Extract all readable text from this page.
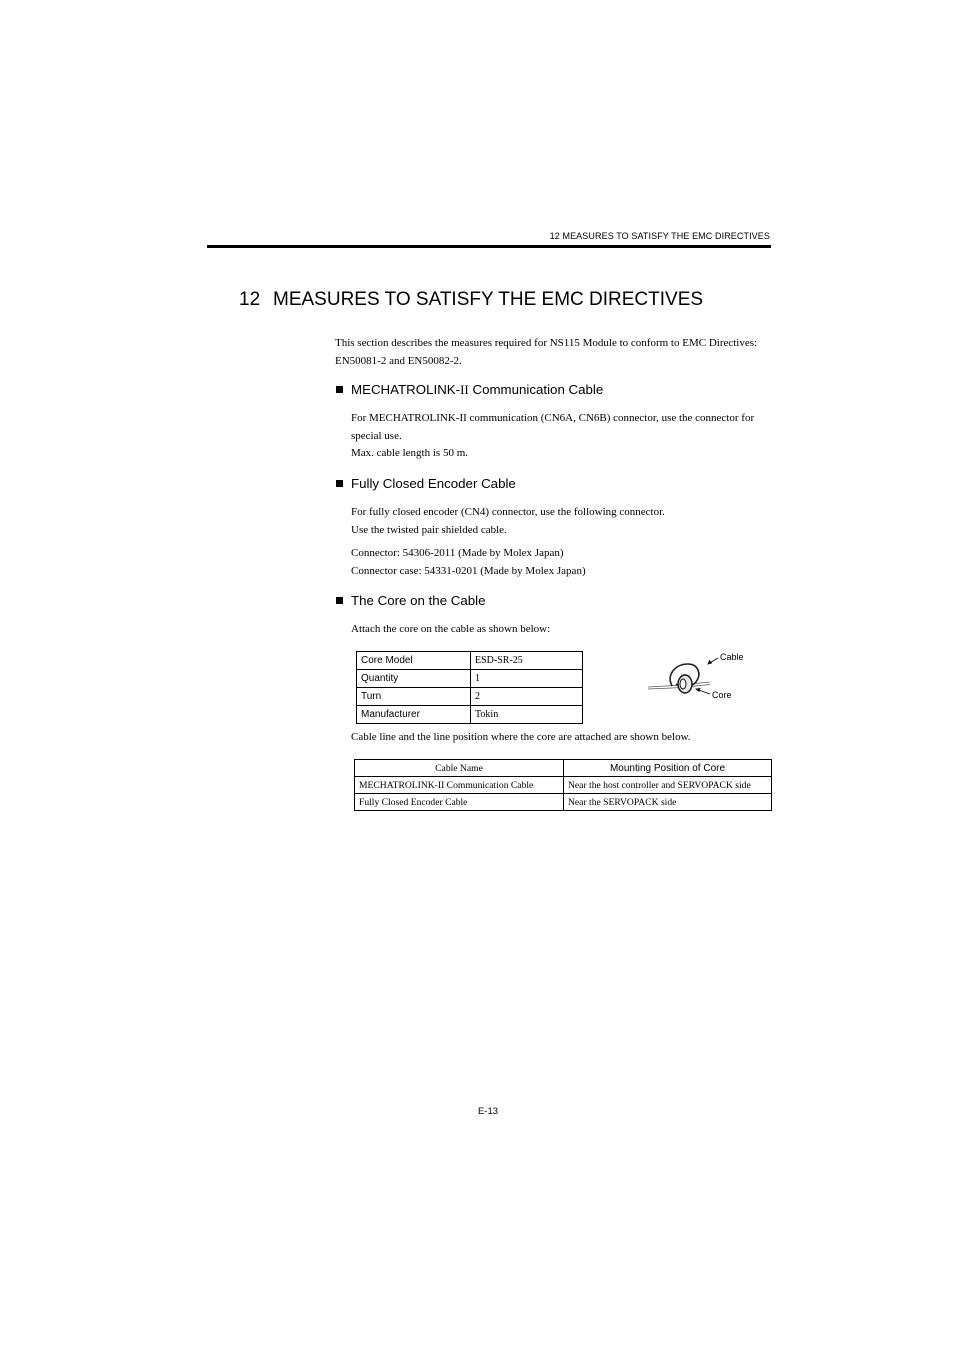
12 MEASURES TO SATISFY THE EMC DIRECTIVES
12 MEASURES TO SATISFY THE EMC DIRECTIVES
This section describes the measures required for NS115 Module to conform to EMC Directives:
EN50081-2 and EN50082-2.
MECHATROLINK-II Communication Cable
For MECHATROLINK-II communication (CN6A, CN6B) connector, use the connector for
special use.
Max. cable length is 50 m.
Fully Closed Encoder Cable
For fully closed encoder (CN4) connector, use the following connector.
Use the twisted pair shielded cable.
Connector: 54306-2011 (Made by Molex Japan)
Connector case: 54331-0201 (Made by Molex Japan)
The Core on the Cable
Attach the core on the cable as shown below:
Core Model	ESD-SR-25
Quantity	1
Turn	2
Manufacturer	Tokin
Cable
Core
Cable line and the line position where the core are attached are shown below.
Cable Name	Mounting Position of Core
MECHATROLINK-II Communication Cable	Near the host controller and SERVOPACK side
Fully Closed Encoder Cable	Near the SERVOPACK side
E-13
